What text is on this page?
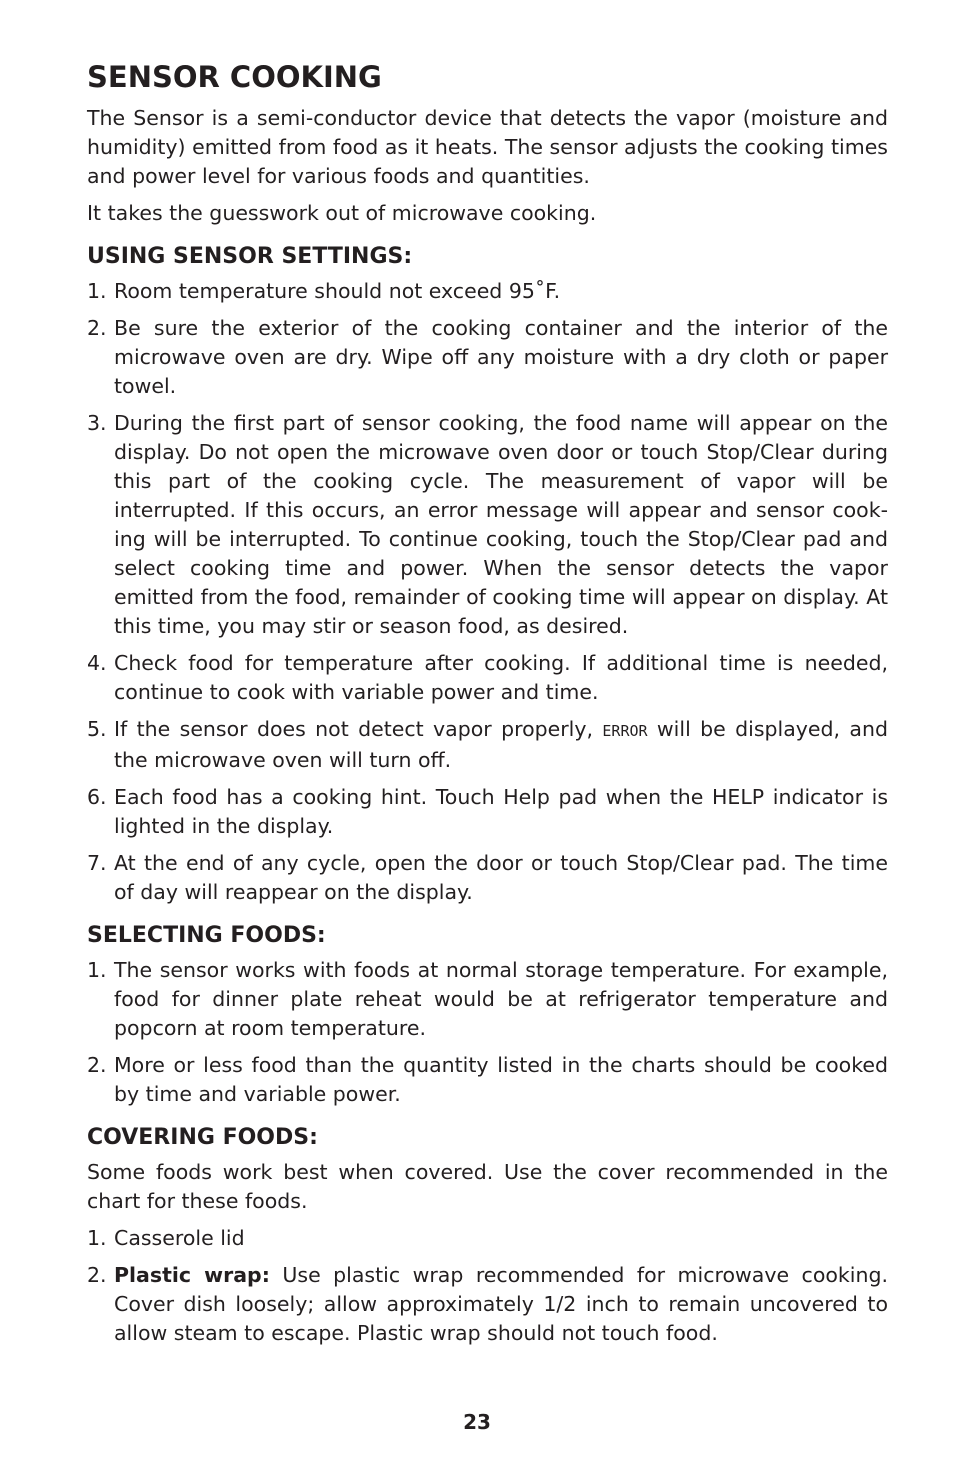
SENSOR COOKING

The Sensor is a semi-conductor device that detects the vapor (moisture and humidity) emitted from food as it heats. The sensor adjusts the cooking times and power level for various foods and quantities.

It takes the guesswork out of microwave cooking.

USING SENSOR SETTINGS:
1. Room temperature should not exceed 95˚F.
2. Be sure the exterior of the cooking container and the interior of the microwave oven are dry. Wipe off any moisture with a dry cloth or paper towel.
3. During the first part of sensor cooking, the food name will appear on the display. Do not open the microwave oven door or touch Stop/Clear during this part of the cooking cycle. The measurement of vapor will be interrupted. If this occurs, an error message will appear and sensor cook-ing will be interrupted. To continue cooking, touch the Stop/Clear pad and select cooking time and power. When the sensor detects the vapor emitted from the food, remainder of cooking time will appear on display. At this time, you may stir or season food, as desired.
4. Check food for temperature after cooking. If additional time is needed, continue to cook with variable power and time.
5. If the sensor does not detect vapor properly, ERROR will be displayed, and the microwave oven will turn off.
6. Each food has a cooking hint. Touch Help pad when the HELP indicator is lighted in the display.
7. At the end of any cycle, open the door or touch Stop/Clear pad. The time of day will reappear on the display.
SELECTING FOODS:
1. The sensor works with foods at normal storage temperature. For example, food for dinner plate reheat would be at refrigerator temperature and popcorn at room temperature.
2. More or less food than the quantity listed in the charts should be cooked by time and variable power.
COVERING FOODS:

Some foods work best when covered. Use the cover recommended in the chart for these foods.

1. Casserole lid
2. Plastic wrap: Use plastic wrap recommended for microwave cooking. Cover dish loosely; allow approximately 1/2 inch to remain uncovered to allow steam to escape. Plastic wrap should not touch food.
23
